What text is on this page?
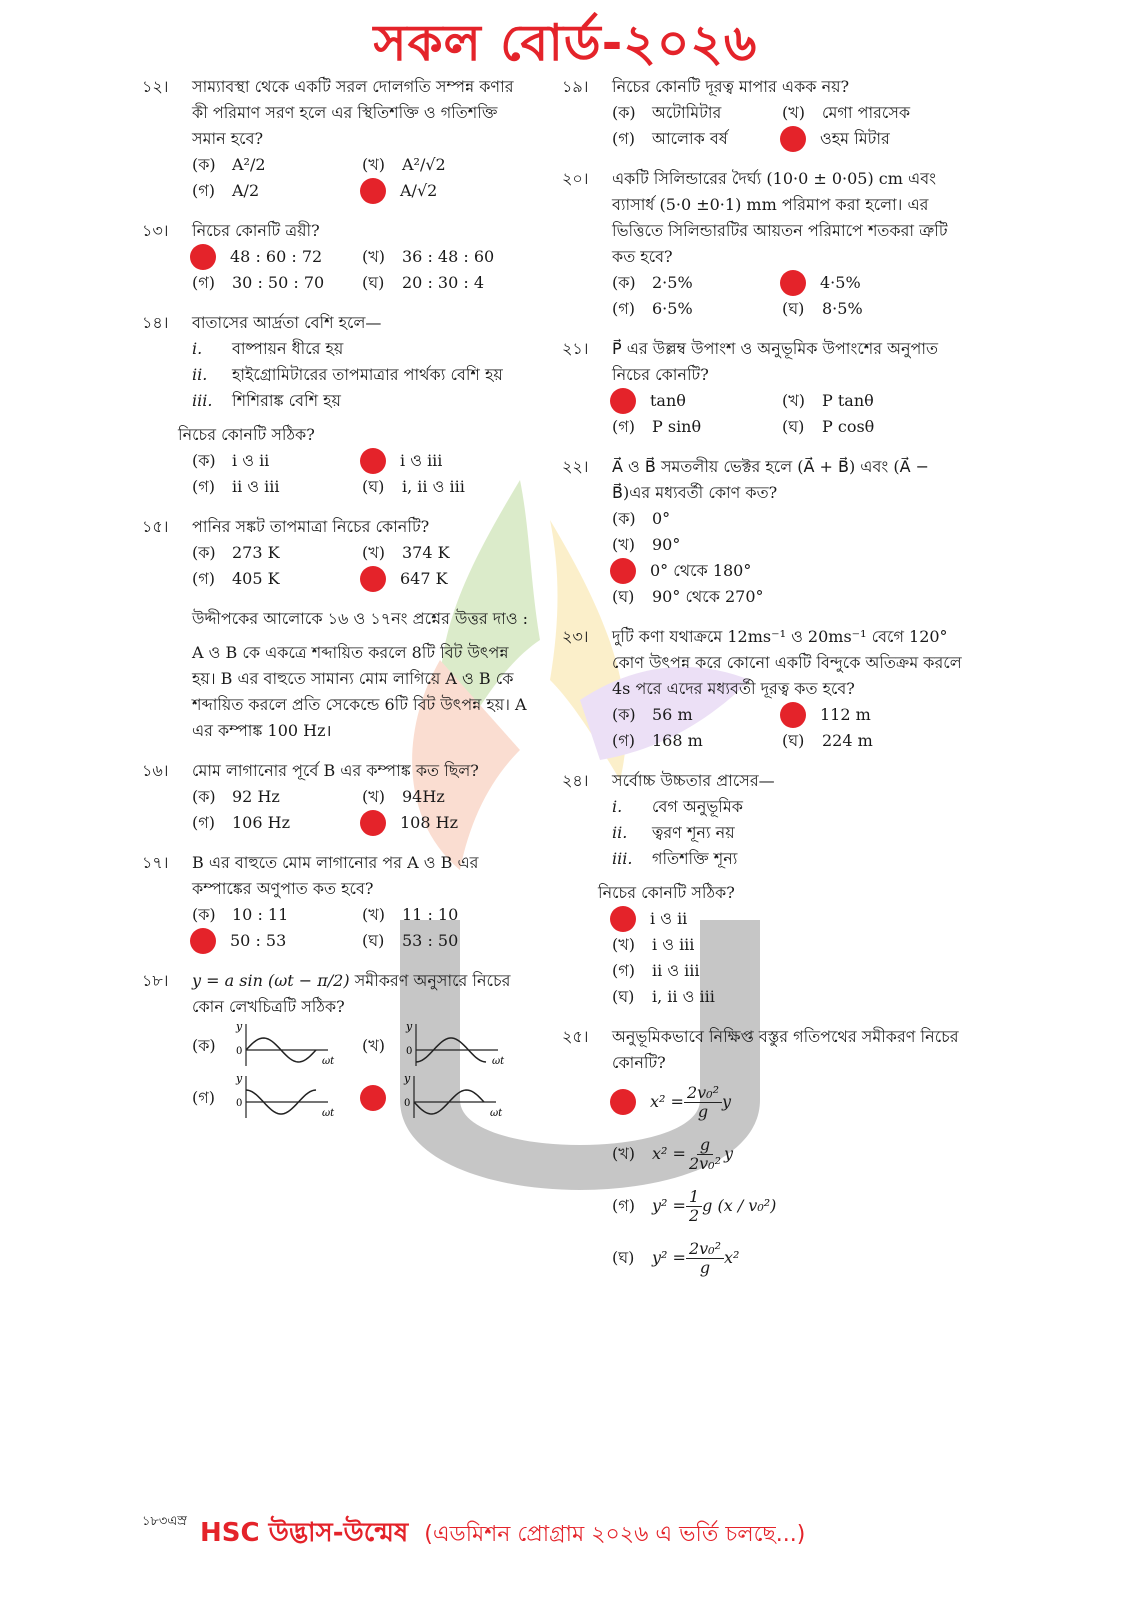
সকল বোর্ড-২০২৬
১২। সাম্যাবস্থা থেকে একটি সরল দোলগতি সম্পন্ন কণার কী পরিমাণ সরণ হলে এর স্থিতিশক্তি ও গতিশক্তি সমান হবে?
(ক)	A²/2	(খ)	A²/√2
(গ)	A/2	A/√2
১৩। নিচের কোনটি ত্রয়ী?
48 : 60 : 72 (খ)	36 : 48 : 60
(গ)	30 : 50 : 70 (ঘ)	20 : 30 : 4
১৪। বাতাসের আর্দ্রতা বেশি হলে—
i.	বাষ্পায়ন ধীরে হয়
ii.	হাইগ্রোমিটারের তাপমাত্রার পার্থক্য বেশি হয়
iii.	শিশিরাঙ্ক বেশি হয়
নিচের কোনটি সঠিক?
(ক)	i ও ii	i ও iii
(গ)	ii ও iii	(ঘ)	i, ii ও iii
১৫। পানির সঙ্কট তাপমাত্রা নিচের কোনটি?
(ক)	273 K	(খ)	374 K
(গ)	405 K	647 K
উদ্দীপকের আলোকে ১৬ ও ১৭নং প্রশ্নের উত্তর দাও :
A ও B কে একত্রে শব্দায়িত করলে 8টি বিট উৎপন্ন হয়। B এর বাহুতে সামান্য মোম লাগিয়ে A ও B কে শব্দায়িত করলে প্রতি সেকেন্ডে 6টি বিট উৎপন্ন হয়। A এর কম্পাঙ্ক 100 Hz।
১৬। মোম লাগানোর পূর্বে B এর কম্পাঙ্ক কত ছিল?
(ক)	92 Hz	(খ)	94Hz
(গ)	106 Hz	108 Hz
১৭। B এর বাহুতে মোম লাগানোর পর A ও B এর কম্পাঙ্কের অণুপাত কত হবে?
(ক)	10 : 11	(খ)	11 : 10
50 : 53	(ঘ)	53 : 50
১৮। y = a sin (ωt − π/2) সমীকরণ অনুসারে নিচের কোন লেখচিত্রটি সঠিক?
(ক)
y
0
ωt
(খ)
y
0
ωt
(গ)
y
0
ωt
y
0
ωt
১৯। নিচের কোনটি দূরত্ব মাপার একক নয়?
(ক)	অটোমিটার	(খ)	মেগা পারসেক
(গ)	আলোক বর্ষ	ওহম মিটার
২০। একটি সিলিন্ডারের দৈর্ঘ্য (10·0 ± 0·05) cm এবং ব্যাসার্ধ (5·0 ±0·1) mm পরিমাপ করা হলো। এর ভিত্তিতে সিলিন্ডারটির আয়তন পরিমাপে শতকরা ত্রুটি কত হবে?
(ক)	2·5%	4·5%
(গ)	6·5%	(ঘ)	8·5%
২১। P⃗ এর উল্লম্ব উপাংশ ও অনুভূমিক উপাংশের অনুপাত নিচের কোনটি?
tanθ	(খ)	P tanθ
(গ)	P sinθ	(ঘ)	P cosθ
২২। A⃗ ও B⃗ সমতলীয় ভেক্টর হলে (A⃗ + B⃗) এবং (A⃗ − B⃗)এর মধ্যবর্তী কোণ কত?
(ক)	0°
(খ)	90°
0° থেকে 180°
(ঘ)	90° থেকে 270°
২৩। দুটি কণা যথাক্রমে 12ms⁻¹ ও 20ms⁻¹ বেগে 120° কোণ উৎপন্ন করে কোনো একটি বিন্দুকে অতিক্রম করলে 4s পরে এদের মধ্যবর্তী দূরত্ব কত হবে?
(ক)	56 m	112 m
(গ)	168 m	(ঘ)	224 m
২৪। সর্বোচ্চ উচ্চতার প্রাসের—
i.	বেগ অনুভূমিক
ii.	ত্বরণ শূন্য নয়
iii.	গতিশক্তি শূন্য
নিচের কোনটি সঠিক?
i ও ii
(খ)	i ও iii
(গ)	ii ও iii
(ঘ)	i, ii ও iii
২৫। অনুভূমিকভাবে নিক্ষিপ্ত বস্তুর গতিপথের সমীকরণ নিচের কোনটি?
$x^2 = \frac{\text{2v₀²}}{g}$ y
(খ)	$x^2 = \frac{g}{\text{2v₀²}}$ y
(গ)	$y^2 = \frac{1}{2}$ g (x / v₀²)
(ঘ)	$y^2 = \frac{\text{2v₀²}}{g} x^2$
১৮৩এস্র HSC উদ্ভাস-উন্মেষ (এডমিশন প্রোগ্রাম ২০২৬ এ ভর্তি চলছে...)
